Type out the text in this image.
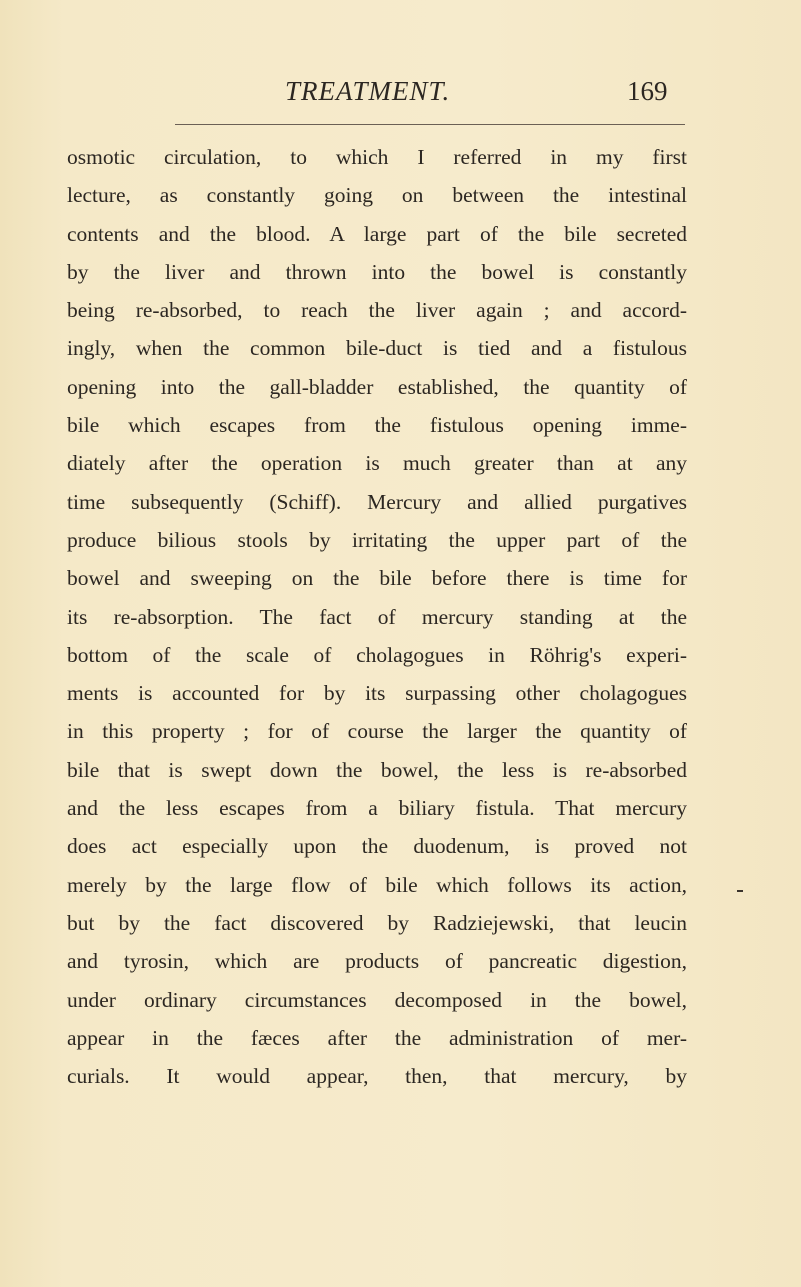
TREATMENT.	169
osmotic circulation, to which I referred in my first
lecture, as constantly going on between the intestinal
contents and the blood. A large part of the bile secreted
by the liver and thrown into the bowel is constantly
being re-absorbed, to reach the liver again ; and accord-
ingly, when the common bile-duct is tied and a fistulous
opening into the gall-bladder established, the quantity of
bile which escapes from the fistulous opening imme-
diately after the operation is much greater than at any
time subsequently (Schiff). Mercury and allied purgatives
produce bilious stools by irritating the upper part of the
bowel and sweeping on the bile before there is time for
its re-absorption. The fact of mercury standing at the
bottom of the scale of cholagogues in Röhrig's experi-
ments is accounted for by its surpassing other cholagogues
in this property ; for of course the larger the quantity of
bile that is swept down the bowel, the less is re-absorbed
and the less escapes from a biliary fistula. That mercury
does act especially upon the duodenum, is proved not
merely by the large flow of bile which follows its action,
but by the fact discovered by Radziejewski, that leucin
and tyrosin, which are products of pancreatic digestion,
under ordinary circumstances decomposed in the bowel,
appear in the fæces after the administration of mer-
curials. It would appear, then, that mercury, by
